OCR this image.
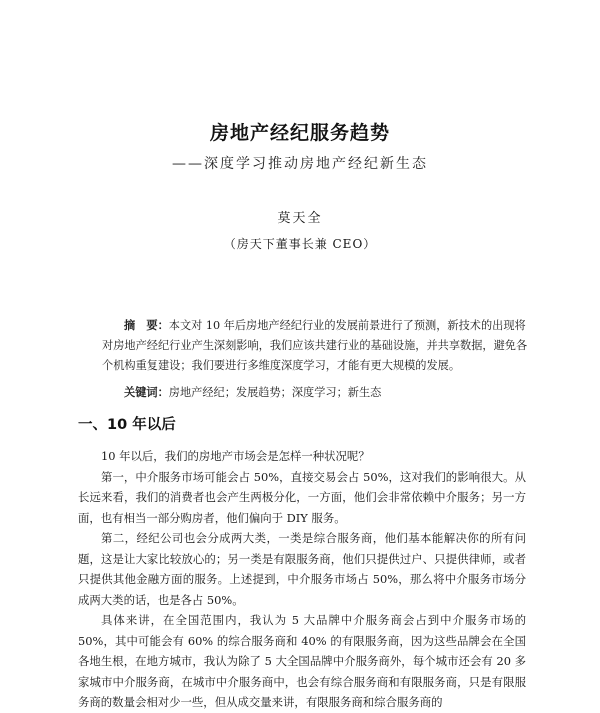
房地产经纪服务趋势
——深度学习推动房地产经纪新生态
莫天全
（房天下董事长兼 CEO）

摘　要：本文对 10 年后房地产经纪行业的发展前景进行了预测，新技术的出现将对房地产经纪行业产生深刻影响，我们应该共建行业的基础设施，并共享数据，避免各个机构重复建设；我们要进行多维度深度学习，才能有更大规模的发展。

关键词：房地产经纪；发展趋势；深度学习；新生态

一、10 年以后

10 年以后，我们的房地产市场会是怎样一种状况呢？

第一，中介服务市场可能会占 50%，直接交易会占 50%，这对我们的影响很大。从长远来看，我们的消费者也会产生两极分化，一方面，他们会非常依赖中介服务；另一方面，也有相当一部分购房者，他们偏向于 DIY 服务。

第二，经纪公司也会分成两大类，一类是综合服务商，他们基本能解决你的所有问题，这是让大家比较放心的；另一类是有限服务商，他们只提供过户、只提供律师，或者只提供其他金融方面的服务。上述提到，中介服务市场占 50%，那么将中介服务市场分成两大类的话，也是各占 50%。

具体来讲，在全国范围内，我认为 5 大品牌中介服务商会占到中介服务市场的 50%，其中可能会有 60% 的综合服务商和 40% 的有限服务商，因为这些品牌会在全国各地生根，在地方城市，我认为除了 5 大全国品牌中介服务商外，每个城市还会有 20 多家城市中介服务商，在城市中介服务商中，也会有综合服务商和有限服务商，只是有限服务商的数量会相对少一些，但从成交量来讲，有限服务商和综合服务商的
